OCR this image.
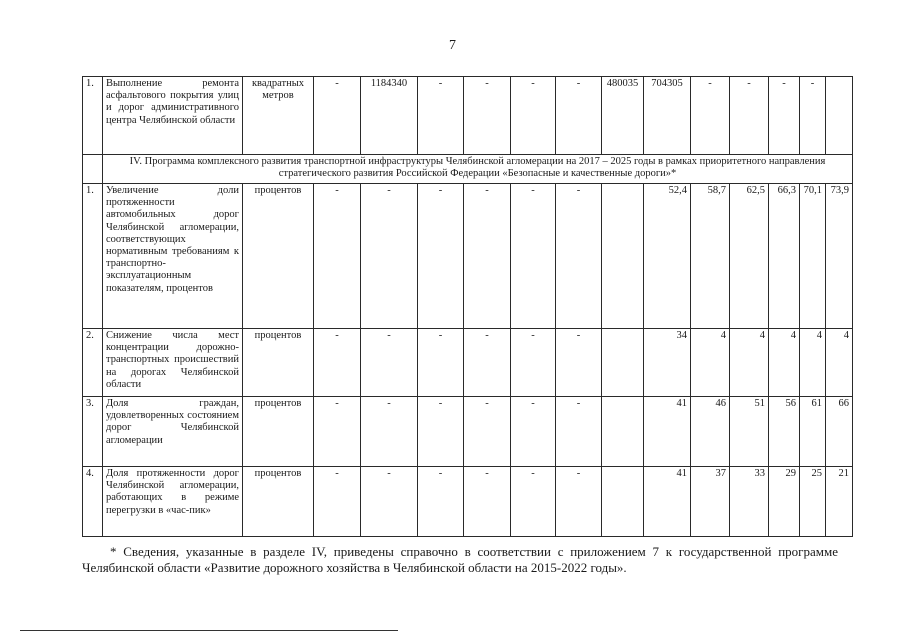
7
1.	Выполнение ремонта асфальтового покрытия улиц и дорог административного центра Челябинской области	квадратных метров	-	1184340	-	-	-	-	480035	704305	-	-	-	-	
	IV. Программа комплексного развития транспортной инфраструктуры Челябинской агломерации на 2017 – 2025 годы в рамках приоритетного направления стратегического развития Российской Федерации «Безопасные и качественные дороги»*														
1.	Увеличение доли протяженности автомобильных дорог Челябинской агломерации, соответствующих нормативным требованиям к транспортно-эксплуатационным показателям, процентов	процентов	-	-	-	-	-	-		52,4	58,7	62,5	66,3	70,1	73,9
2.	Снижение числа мест концентрации дорожно-транспортных происшествий на дорогах Челябинской области	процентов	-	-	-	-	-	-		34	4	4	4	4	4
3.	Доля граждан, удовлетворенных состоянием дорог Челябинской агломерации	процентов	-	-	-	-	-	-		41	46	51	56	61	66
4.	Доля протяженности дорог Челябинской агломерации, работающих в режиме перегрузки в «час-пик»	процентов	-	-	-	-	-	-		41	37	33	29	25	21
* Сведения, указанные в разделе IV, приведены справочно в соответствии с приложением 7 к государственной программе Челябинской области «Развитие дорожного хозяйства в Челябинской области на 2015-2022 годы».
